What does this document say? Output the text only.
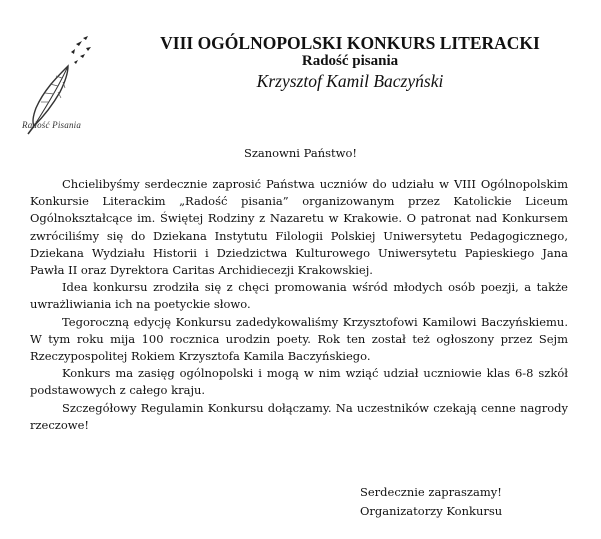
Radość Pisania
VIII OGÓLNOPOLSKI KONKURS LITERACKI
Radość pisania
Krzysztof Kamil Baczyński
Szanowni Państwo!

Chcielibyśmy serdecznie zaprosić Państwa uczniów do udziału w VIII Ogólnopolskim Konkursie Literackim „Radość pisania” organizowanym przez Katolickie Liceum Ogólnokształcące im. Świętej Rodziny z Nazaretu w Krakowie. O patronat nad Konkursem zwróciliśmy się do Dziekana Instytutu Filologii Polskiej Uniwersytetu Pedagogicznego, Dziekana Wydziału Historii i Dziedzictwa Kulturowego Uniwersytetu Papieskiego Jana Pawła II oraz Dyrektora Caritas Archidiecezji Krakowskiej.

Idea konkursu zrodziła się z chęci promowania wśród młodych osób poezji, a także uwrażliwiania ich na poetyckie słowo.

Tegoroczną edycję Konkursu zadedykowaliśmy Krzysztofowi Kamilowi Baczyńskiemu. W tym roku mija 100 rocznica urodzin poety. Rok ten został też ogłoszony przez Sejm Rzeczypospolitej Rokiem Krzysztofa Kamila Baczyńskiego.

Konkurs ma zasięg ogólnopolski i mogą w nim wziąć udział uczniowie klas 6-8 szkół podstawowych z całego kraju.

Szczegółowy Regulamin Konkursu dołączamy. Na uczestników czekają cenne nagrody rzeczowe!

Serdecznie zapraszamy!
Organizatorzy Konkursu
